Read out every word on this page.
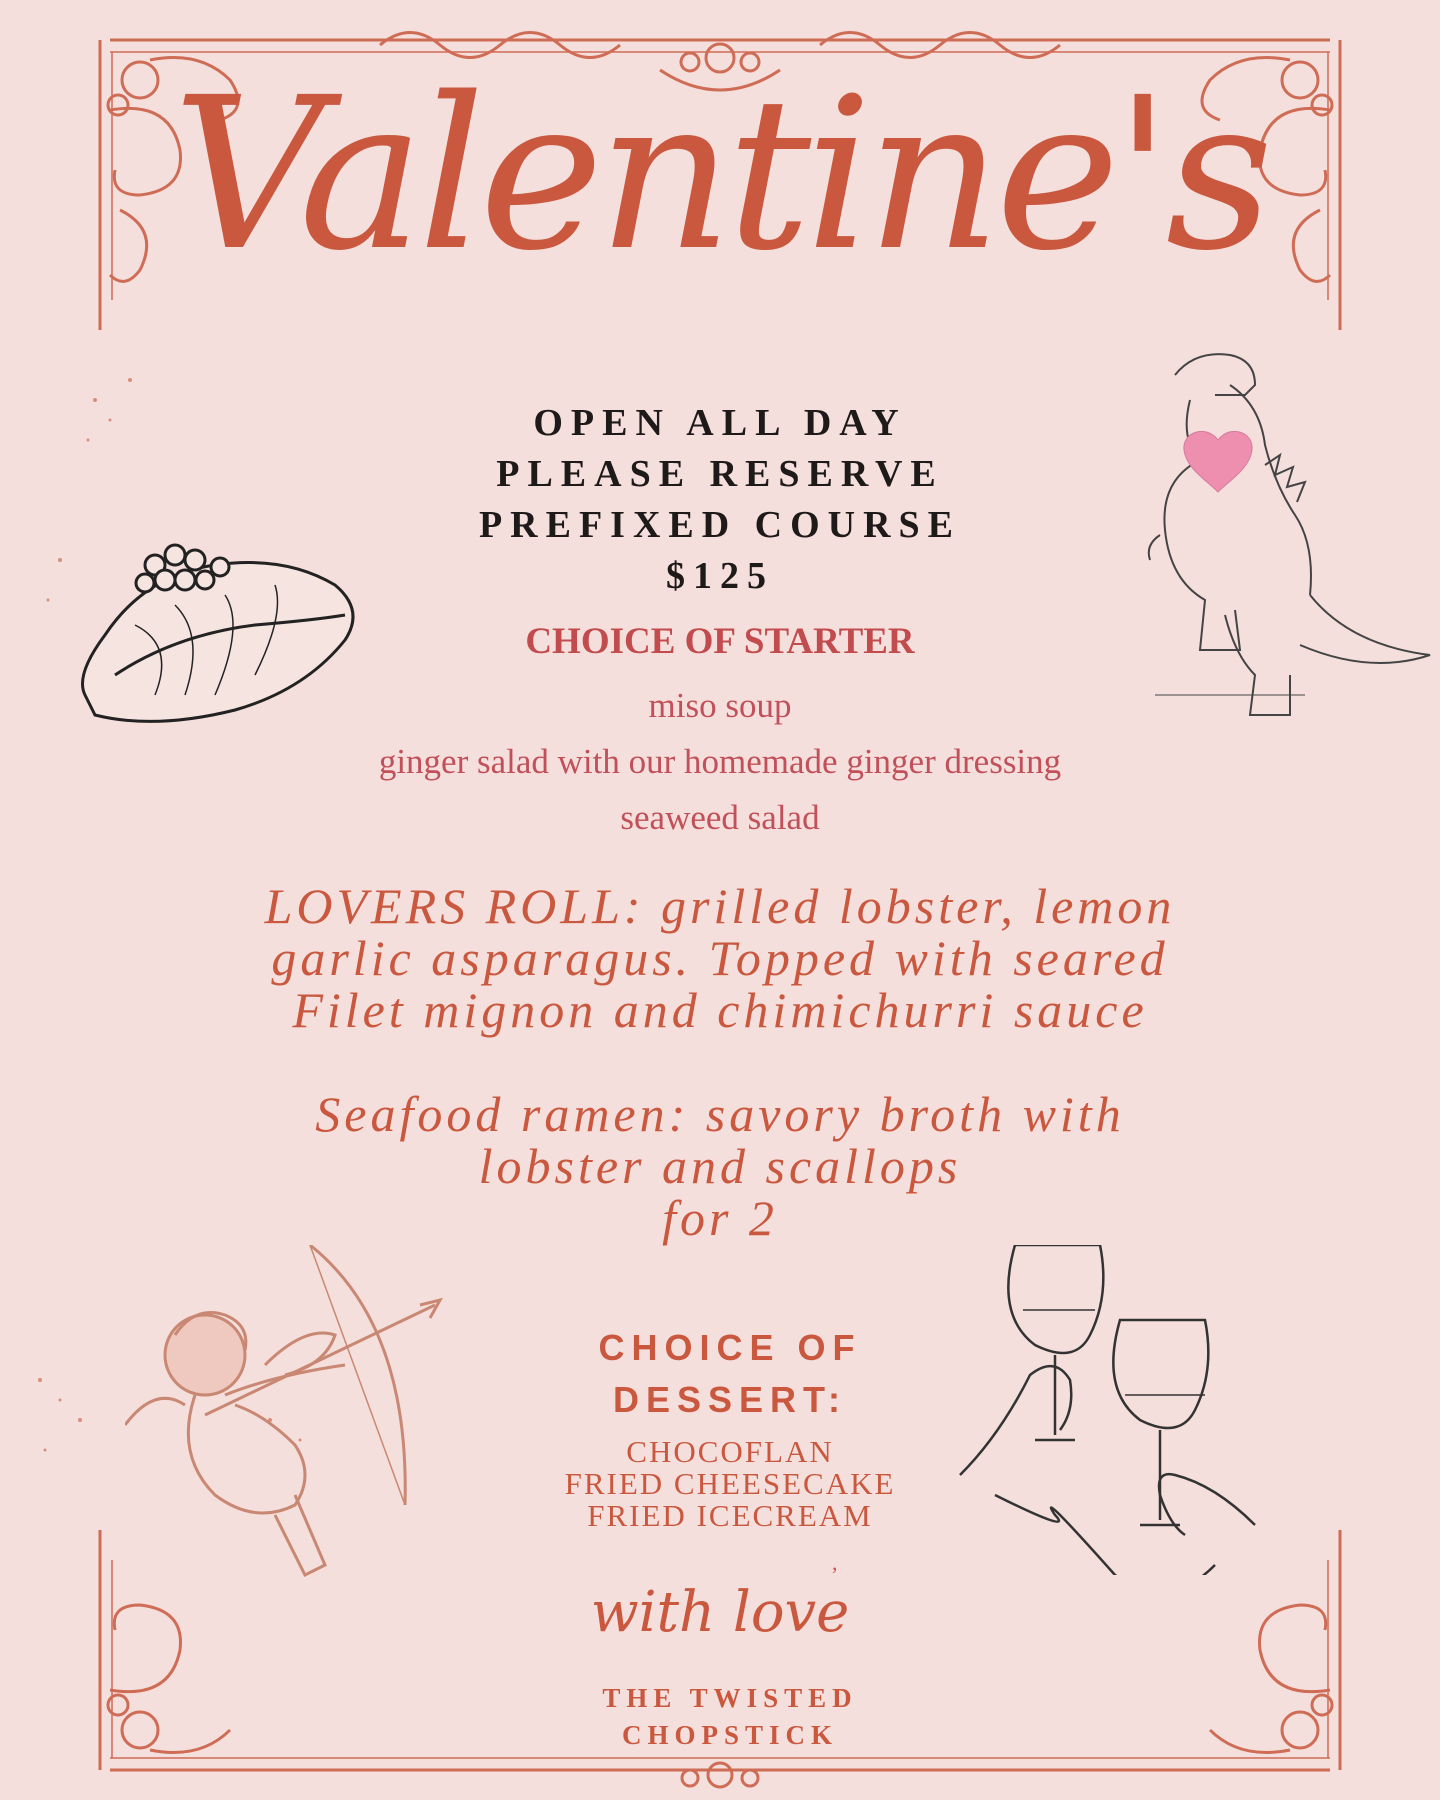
Valentine's
OPEN ALL DAY
PLEASE RESERVE
PREFIXED COURSE
$125
CHOICE OF STARTER
miso soup
ginger salad with our homemade ginger dressing
seaweed salad
LOVERS ROLL: grilled lobster, lemon
garlic asparagus. Topped with seared
Filet mignon and chimichurri sauce
Seafood ramen: savory broth with
lobster and scallops
for 2
CHOICE OF
DESSERT:
CHOCOFLAN
FRIED CHEESECAKE
FRIED ICECREAM
,
with love
THE TWISTED
CHOPSTICK
